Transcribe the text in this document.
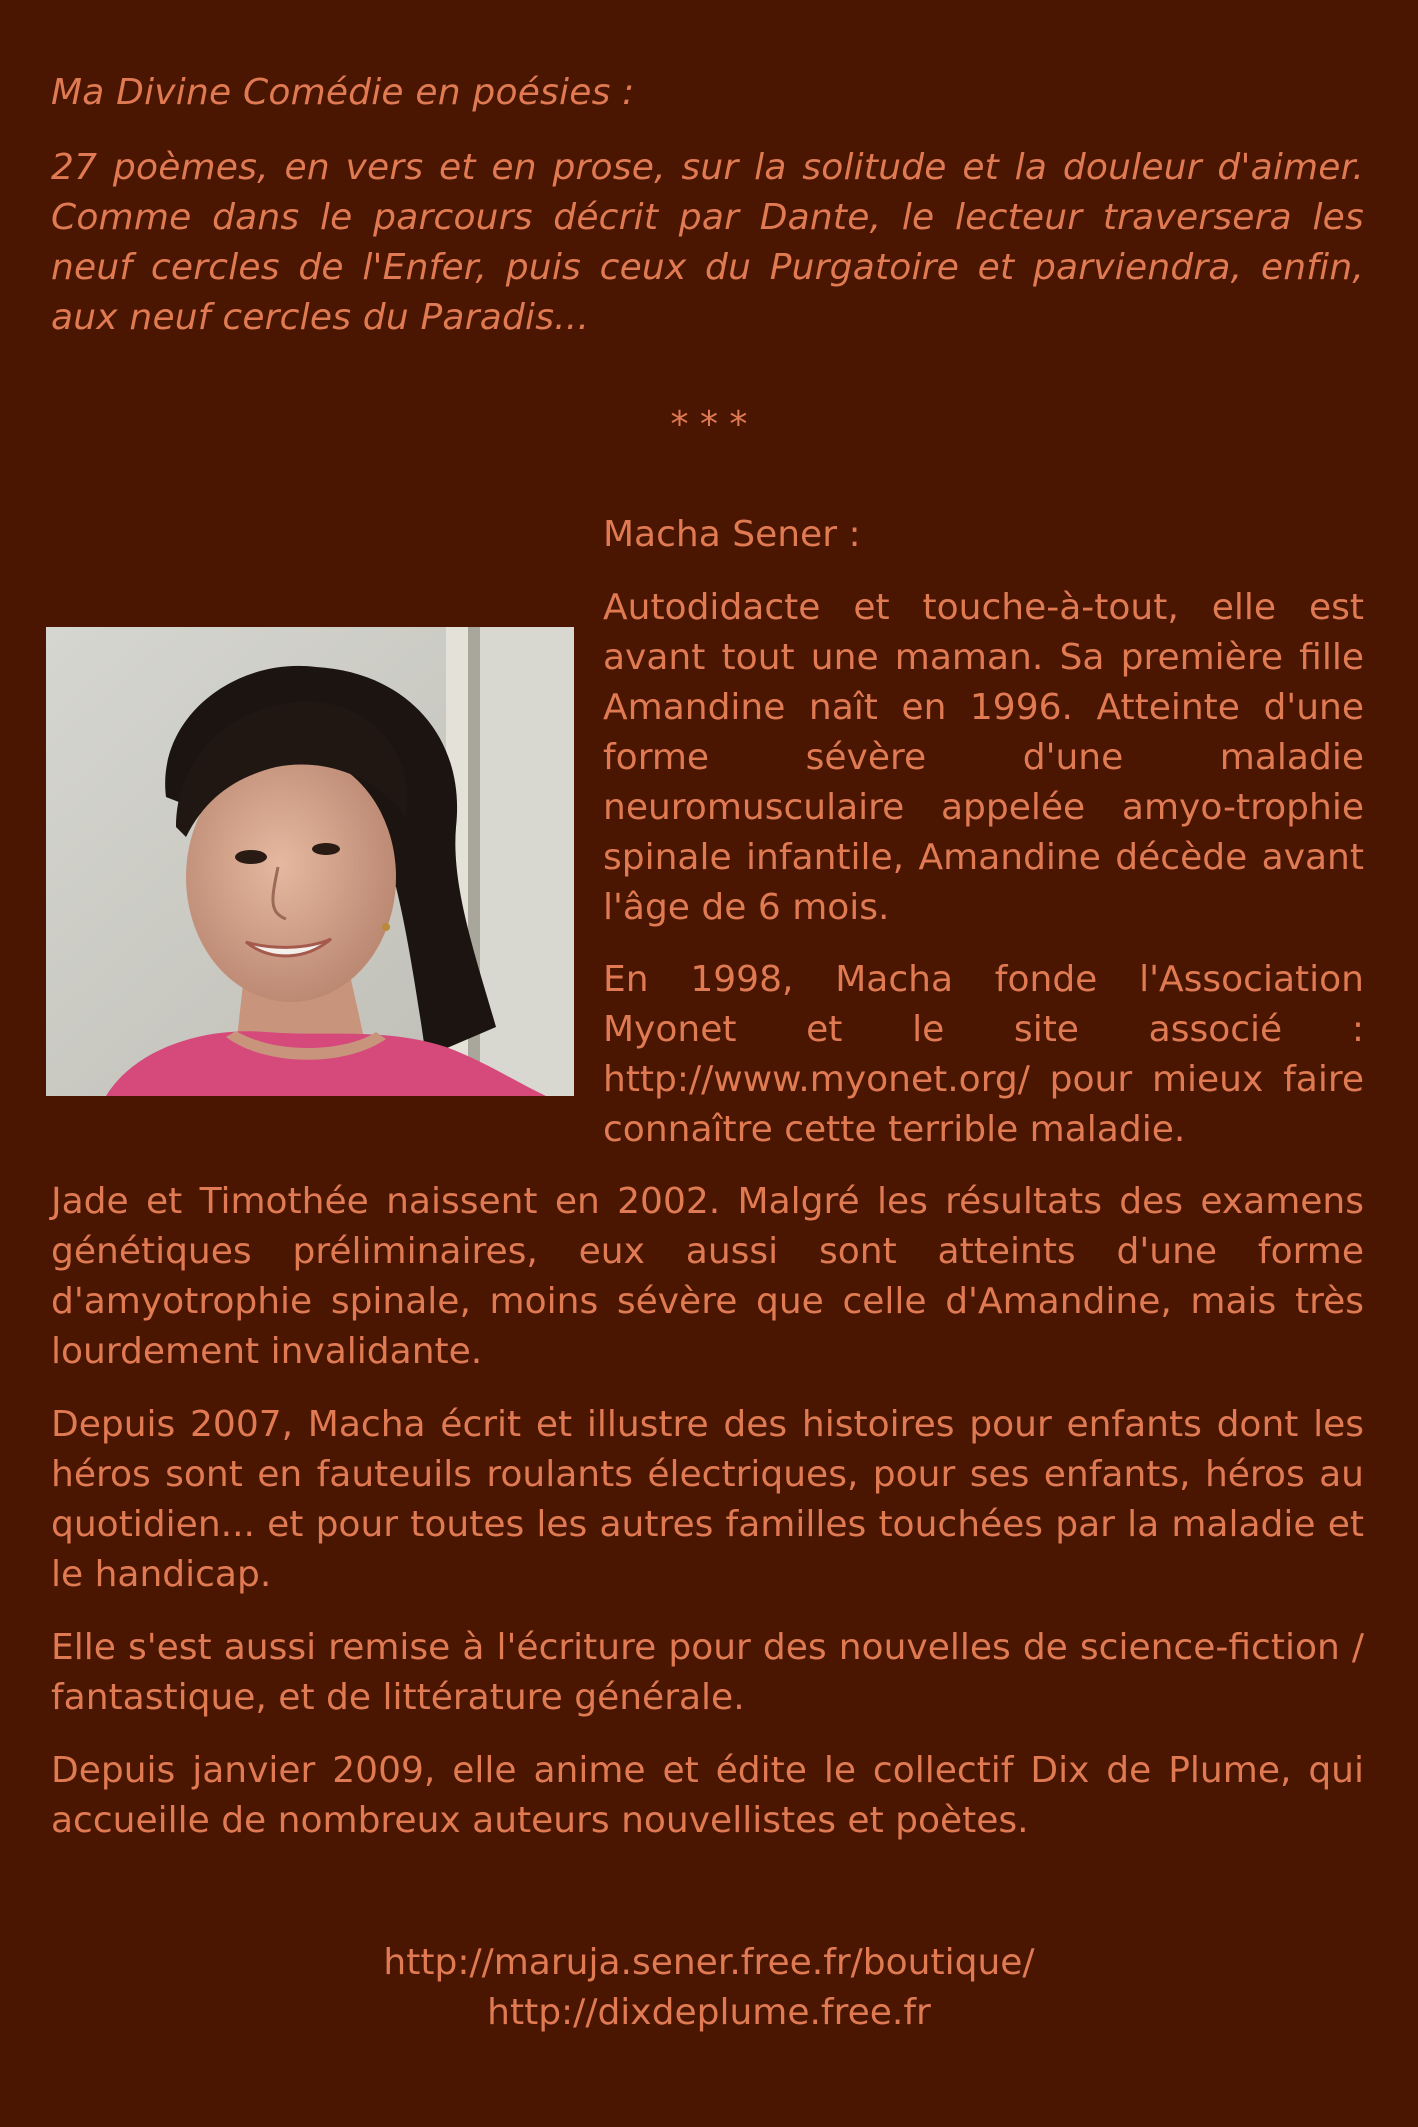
Ma Divine Comédie en poésies :
27 poèmes, en vers et en prose, sur la solitude et la douleur d'aimer. Comme dans le parcours décrit par Dante, le lecteur traversera les neuf cercles de l'Enfer, puis ceux du Purgatoire et parviendra, enfin, aux neuf cercles du Paradis...
* * *
Macha Sener :
Autodidacte et touche-à-tout, elle est avant tout une maman. Sa première fille Amandine naît en 1996. Atteinte d'une forme sévère d'une maladie neuromusculaire appelée amyo-trophie spinale infantile, Amandine décède avant l'âge de 6 mois.
En 1998, Macha fonde l'Association Myonet et le site associé : http://www.myonet.org/ pour mieux faire connaître cette terrible maladie.
Jade et Timothée naissent en 2002. Malgré les résultats des examens génétiques préliminaires, eux aussi sont atteints d'une forme d'amyotrophie spinale, moins sévère que celle d'Amandine, mais très lourdement invalidante.
Depuis 2007, Macha écrit et illustre des histoires pour enfants dont les héros sont en fauteuils roulants électriques, pour ses enfants, héros au quotidien... et pour toutes les autres familles touchées par la maladie et le handicap.
Elle s'est aussi remise à l'écriture pour des nouvelles de science-fiction / fantastique, et de littérature générale.
Depuis janvier 2009, elle anime et édite le collectif Dix de Plume, qui accueille de nombreux auteurs nouvellistes et poètes.
http://maruja.sener.free.fr/boutique/
http://dixdeplume.free.fr
